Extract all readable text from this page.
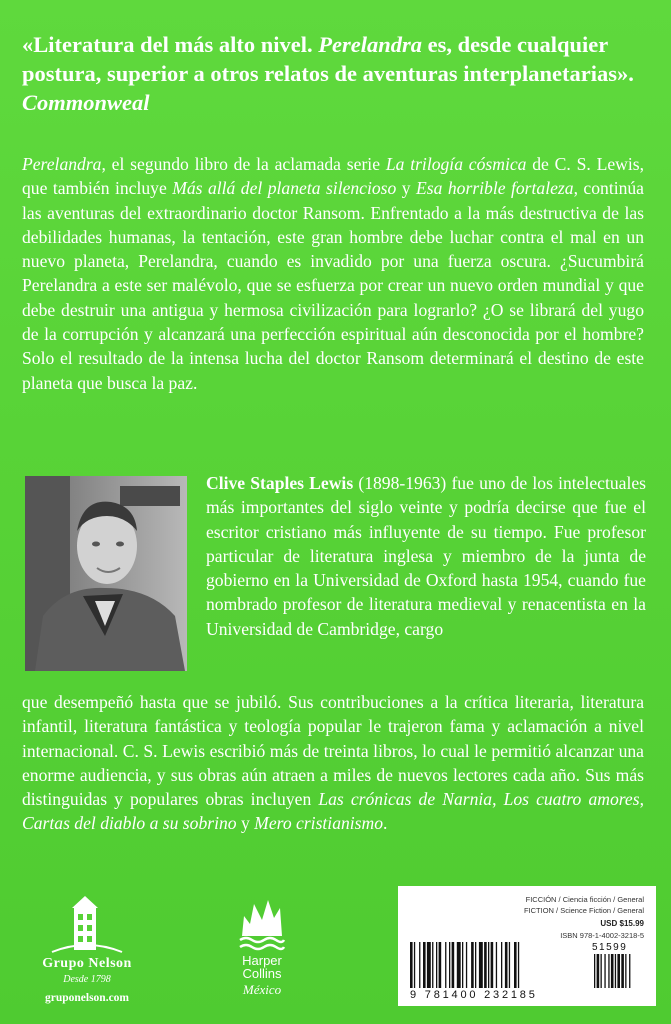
«Literatura del más alto nivel. Perelandra es, desde cualquier postura, superior a otros relatos de aventuras interplanetarias». Commonweal
Perelandra, el segundo libro de la aclamada serie La trilogía cósmica de C. S. Lewis, que también incluye Más allá del planeta silencioso y Esa horrible fortaleza, continúa las aventuras del extraordinario doctor Ransom. Enfrentado a la más destructiva de las debilidades humanas, la tentación, este gran hombre debe luchar contra el mal en un nuevo planeta, Perelandra, cuando es invadido por una fuerza oscura. ¿Sucumbirá Perelandra a este ser malévolo, que se esfuerza por crear un nuevo orden mundial y que debe destruir una antigua y hermosa civilización para lograrlo? ¿O se librará del yugo de la corrupción y alcanzará una perfección espiritual aún desconocida por el hombre? Solo el resultado de la intensa lucha del doctor Ransom determinará el destino de este planeta que busca la paz.
Clive Staples Lewis (1898-1963) fue uno de los intelectuales más importantes del siglo veinte y podría decirse que fue el escritor cristiano más influyente de su tiempo. Fue profesor particular de literatura inglesa y miembro de la junta de gobierno en la Universidad de Oxford hasta 1954, cuando fue nombrado profesor de literatura medieval y renacentista en la Universidad de Cambridge, cargo
que desempeñó hasta que se jubiló. Sus contribuciones a la crítica literaria, literatura infantil, literatura fantástica y teología popular le trajeron fama y aclamación a nivel internacional. C. S. Lewis escribió más de treinta libros, lo cual le permitió alcanzar una enorme audiencia, y sus obras aún atraen a miles de nuevos lectores cada año. Sus más distinguidas y populares obras incluyen Las crónicas de Narnia, Los cuatro amores, Cartas del diablo a su sobrino y Mero cristianismo.
Grupo Nelson
Desde 1798
gruponelson.com
Harper
Collins
México
FICCIÓN / Ciencia ficción / General
FICTION / Science Fiction / General
USD $15.99
ISBN 978-1-4002-3218-5
9 781400 232185
51599
